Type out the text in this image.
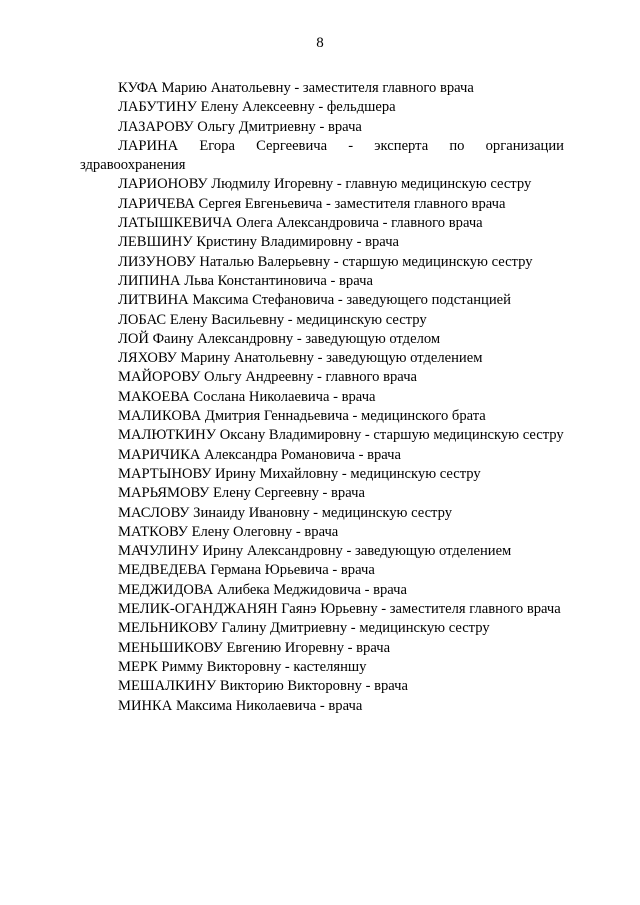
8
КУФА Марию Анатольевну - заместителя главного врача
ЛАБУТИНУ Елену Алексеевну - фельдшера
ЛАЗАРОВУ Ольгу Дмитриевну - врача
ЛАРИНА Егора Сергеевича - эксперта по организации здравоохранения
ЛАРИОНОВУ Людмилу Игоревну - главную медицинскую сестру
ЛАРИЧЕВА Сергея Евгеньевича - заместителя главного врача
ЛАТЫШКЕВИЧА Олега Александровича - главного врача
ЛЕВШИНУ Кристину Владимировну - врача
ЛИЗУНОВУ Наталью Валерьевну - старшую медицинскую сестру
ЛИПИНА Льва Константиновича - врача
ЛИТВИНА Максима Стефановича - заведующего подстанцией
ЛОБАС Елену Васильевну - медицинскую сестру
ЛОЙ Фаину Александровну - заведующую отделом
ЛЯХОВУ Марину Анатольевну - заведующую отделением
МАЙОРОВУ Ольгу Андреевну - главного врача
МАКОЕВА Сослана Николаевича - врача
МАЛИКОВА Дмитрия Геннадьевича - медицинского брата
МАЛЮТКИНУ Оксану Владимировну - старшую медицинскую сестру
МАРИЧИКА Александра Романовича - врача
МАРТЫНОВУ Ирину Михайловну - медицинскую сестру
МАРЬЯМОВУ Елену Сергеевну - врача
МАСЛОВУ Зинаиду Ивановну - медицинскую сестру
МАТКОВУ Елену Олеговну - врача
МАЧУЛИНУ Ирину Александровну - заведующую отделением
МЕДВЕДЕВА Германа Юрьевича - врача
МЕДЖИДОВА Алибека Меджидовича - врача
МЕЛИК-ОГАНДЖАНЯН Гаянэ Юрьевну - заместителя главного врача
МЕЛЬНИКОВУ Галину Дмитриевну - медицинскую сестру
МЕНЬШИКОВУ Евгению Игоревну - врача
МЕРК Римму Викторовну - кастеляншу
МЕШАЛКИНУ Викторию Викторовну - врача
МИНКА Максима Николаевича - врача
